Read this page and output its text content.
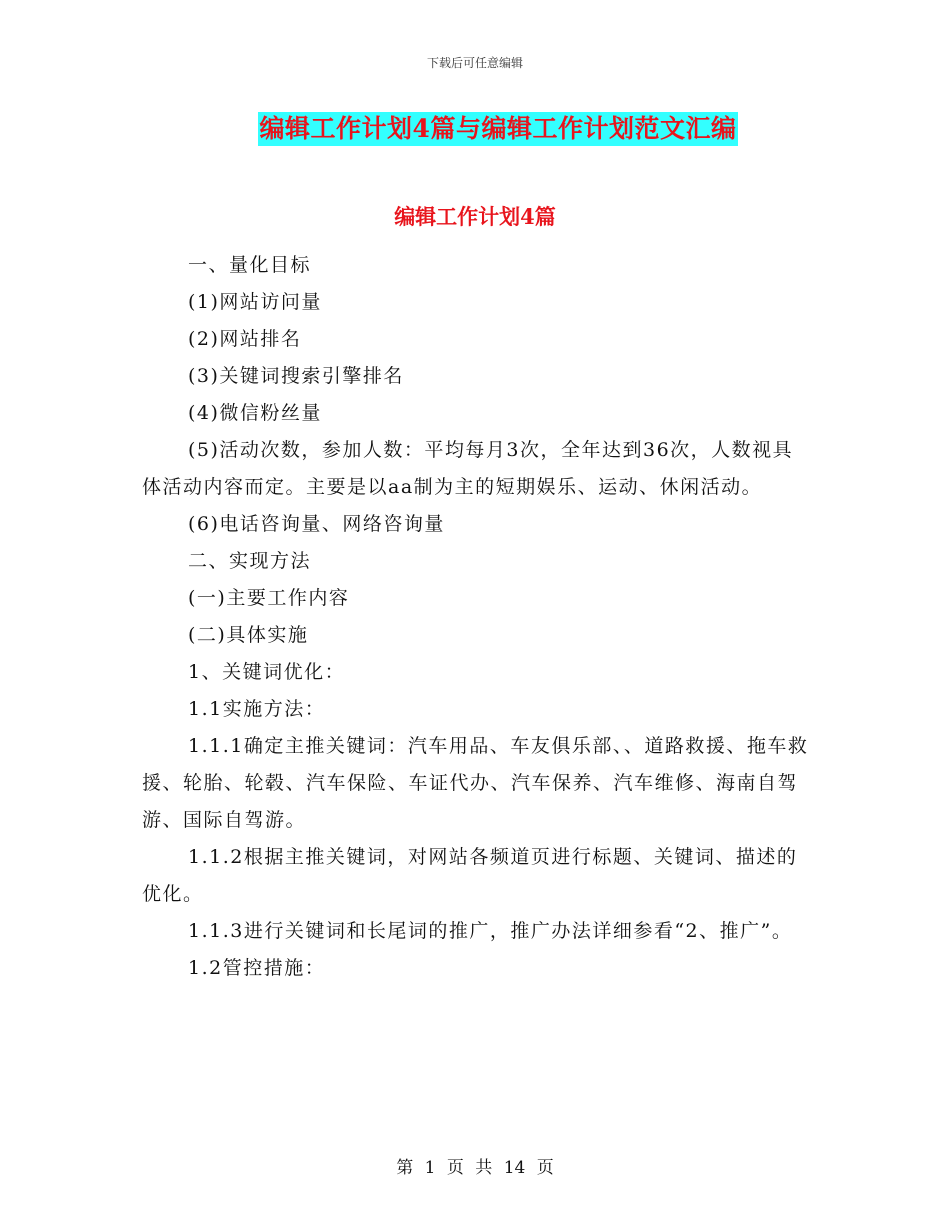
下载后可任意编辑
编辑工作计划4篇与编辑工作计划范文汇编
编辑工作计划4篇

一、量化目标

(1)网站访问量

(2)网站排名

(3)关键词搜索引擎排名

(4)微信粉丝量

(5)活动次数，参加人数：平均每月3次，全年达到36次，人数视具体活动内容而定。主要是以aa制为主的短期娱乐、运动、休闲活动。

(6)电话咨询量、网络咨询量

二、实现方法

(一)主要工作内容

(二)具体实施

1、关键词优化：

1.1实施方法：

1.1.1确定主推关键词：汽车用品、车友俱乐部、、道路救援、拖车救援、轮胎、轮毂、汽车保险、车证代办、汽车保养、汽车维修、海南自驾游、国际自驾游。

1.1.2根据主推关键词，对网站各频道页进行标题、关键词、描述的优化。

1.1.3进行关键词和长尾词的推广，推广办法详细参看“2、推广”。

1.2管控措施：

第 1 页 共 14 页
